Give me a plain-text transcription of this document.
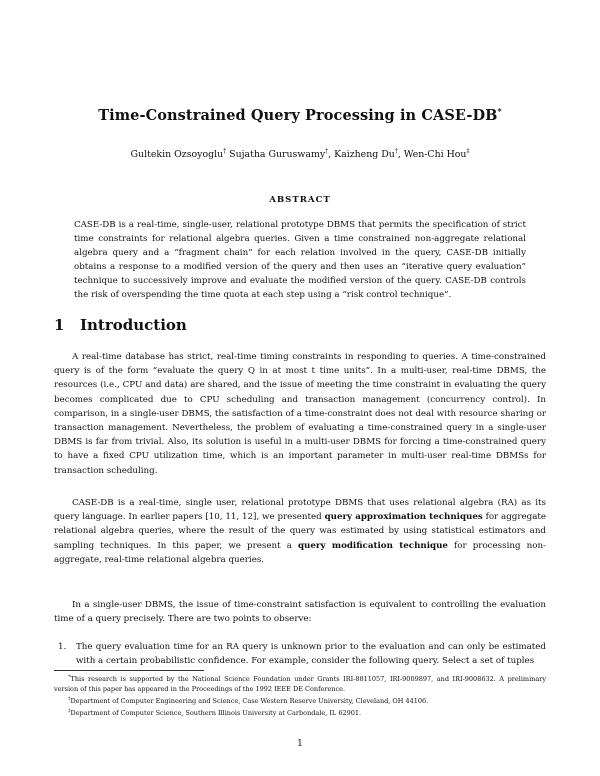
Time-Constrained Query Processing in CASE-DB*
Gultekin Ozsoyoglu† Sujatha Guruswamy†, Kaizheng Du†, Wen-Chi Hou‡
ABSTRACT
CASE-DB is a real-time, single-user, relational prototype DBMS that permits the specification of strict time constraints for relational algebra queries. Given a time constrained non-aggregate relational algebra query and a “fragment chain” for each relation involved in the query, CASE-DB initially obtains a response to a modified version of the query and then uses an “iterative query evaluation” technique to successively improve and evaluate the modified version of the query. CASE-DB controls the risk of overspending the time quota at each step using a “risk control technique”.
1 Introduction
A real-time database has strict, real-time timing constraints in responding to queries. A time-constrained query is of the form “evaluate the query Q in at most t time units”. In a multi-user, real-time DBMS, the resources (i.e., CPU and data) are shared, and the issue of meeting the time constraint in evaluating the query becomes complicated due to CPU scheduling and transaction management (concurrency control). In comparison, in a single-user DBMS, the satisfaction of a time-constraint does not deal with resource sharing or transaction management. Nevertheless, the problem of evaluating a time-constrained query in a single-user DBMS is far from trivial. Also, its solution is useful in a multi-user DBMS for forcing a time-constrained query to have a fixed CPU utilization time, which is an important parameter in multi-user real-time DBMSs for transaction scheduling.
CASE-DB is a real-time, single user, relational prototype DBMS that uses relational algebra (RA) as its query language. In earlier papers [10, 11, 12], we presented query approximation techniques for aggregate relational algebra queries, where the result of the query was estimated by using statistical estimators and sampling techniques. In this paper, we present a query modification technique for processing non-aggregate, real-time relational algebra queries.
In a single-user DBMS, the issue of time-constraint satisfaction is equivalent to controlling the evaluation time of a query precisely. There are two points to observe:
1. The query evaluation time for an RA query is unknown prior to the evaluation and can only be estimated with a certain probabilistic confidence. For example, consider the following query. Select a set of tuples
*This research is supported by the National Science Foundation under Grants IRI-8811057, IRI-9009897, and IRI-9008632. A preliminary version of this paper has appeared in the Proceedings of the 1992 IEEE DE Conference.
†Department of Computer Engineering and Science, Case Western Reserve University, Cleveland, OH 44106.
‡Department of Computer Science, Southern Illinois University at Carbondale, IL 62901.
1
